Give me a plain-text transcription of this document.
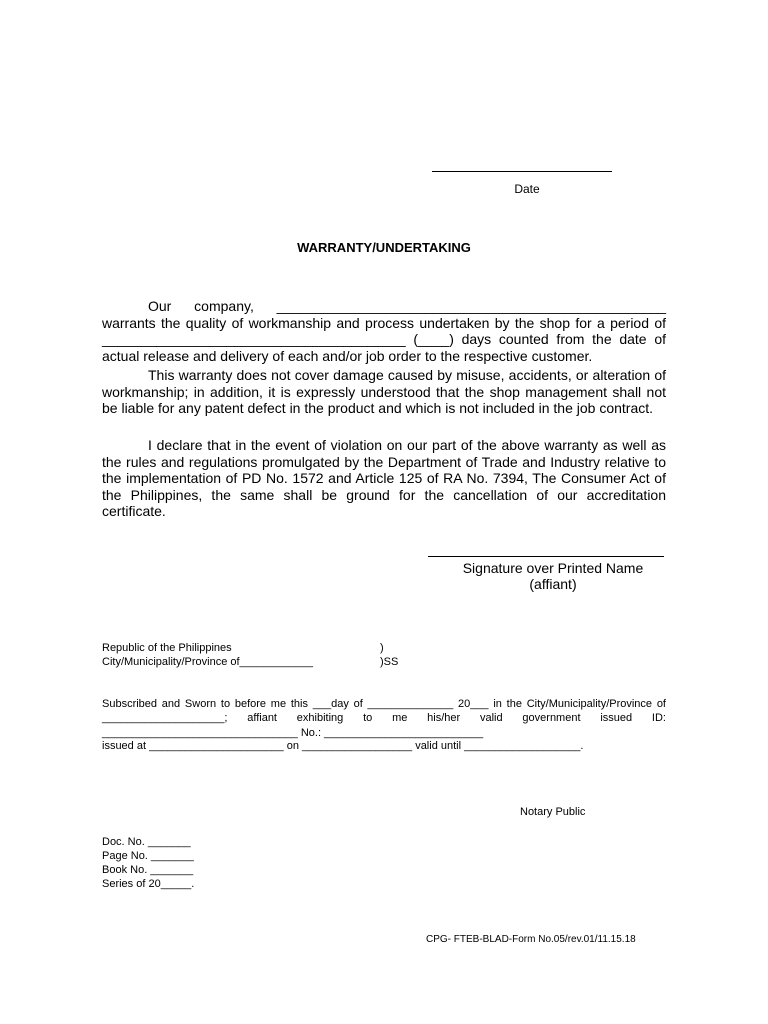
Date
WARRANTY/UNDERTAKING
Our company, __________________________________________________ warrants the quality of workmanship and process undertaken by the shop for a period of _______________________________________ (____) days counted from the date of actual release and delivery of each and/or job order to the respective customer.
This warranty does not cover damage caused by misuse, accidents, or alteration of workmanship; in addition, it is expressly understood that the shop management shall not be liable for any patent defect in the product and which is not included in the job contract.
I declare that in the event of violation on our part of the above warranty as well as the rules and regulations promulgated by the Department of Trade and Industry relative to the implementation of PD No. 1572 and Article 125 of RA No. 7394, The Consumer Act of the Philippines, the same shall be ground for the cancellation of our accreditation certificate.
Signature over Printed Name
(affiant)
Republic of the Philippines	)
City/Municipality/Province of____________	)SS
Subscribed and Sworn to before me this ___day of ______________ 20___ in the City/Municipality/Province of ____________________; affiant exhibiting to me his/her valid government issued ID: ________________________________ No.: __________________________
issued at ______________________ on __________________ valid until ___________________.
Notary Public
Doc. No. _______
Page No. _______
Book No. _______
Series of 20_____.
CPG- FTEB-BLAD-Form No.05/rev.01/11.15.18
